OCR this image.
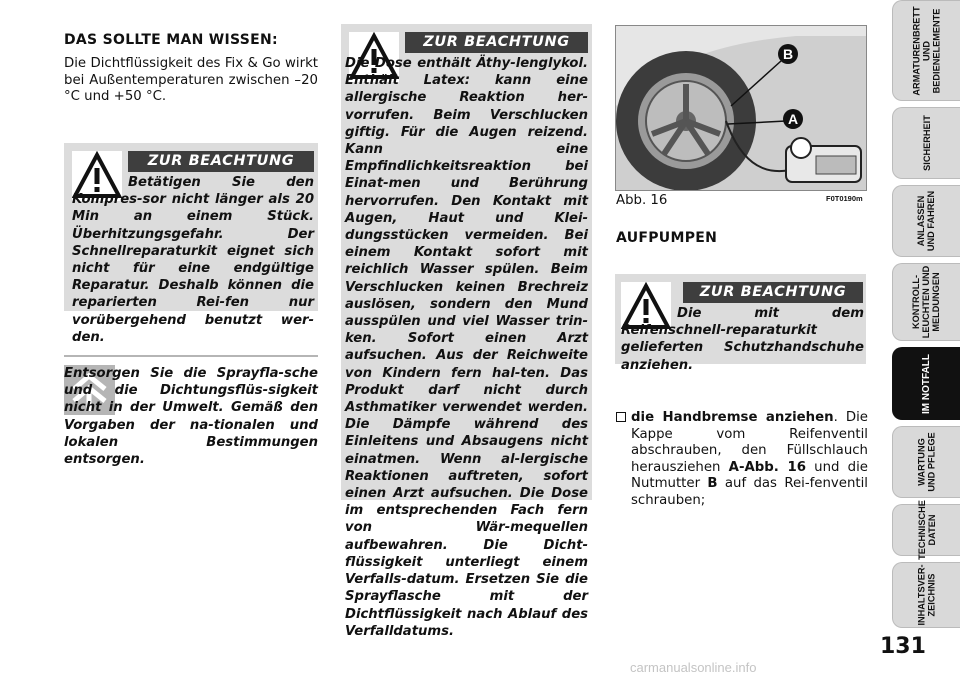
DAS SOLLTE MAN WISSEN:

Die Dichtflüssigkeit des Fix & Go wirkt bei Außentemperaturen zwischen –20 °C und +50 °C.

ZUR BEACHTUNG
Betätigen Sie den Kompres-sor nicht länger als 20 Min an einem Stück. Überhitzungsgefahr. Der Schnellreparaturkit eignet sich nicht für eine endgültige Reparatur. Deshalb können die reparierten Rei-fen nur vorübergehend benutzt wer-den.
Entsorgen Sie die Sprayfla-sche und die Dichtungsflüs-sigkeit nicht in der Umwelt. Gemäß den Vorgaben der na-tionalen und lokalen Bestimmungen entsorgen.
ZUR BEACHTUNG
Die Dose enthält Äthy-lenglykol. Enthält Latex: kann eine allergische Reaktion her-vorrufen. Beim Verschlucken giftig. Für die Augen reizend. Kann eine Empfindlichkeitsreaktion bei Einat-men und Berührung hervorrufen. Den Kontakt mit Augen, Haut und Klei-dungsstücken vermeiden. Bei einem Kontakt sofort mit reichlich Wasser spülen. Beim Verschlucken keinen Brechreiz auslösen, sondern den Mund ausspülen und viel Wasser trin-ken. Sofort einen Arzt aufsuchen. Aus der Reichweite von Kindern fern hal-ten. Das Produkt darf nicht durch Asthmatiker verwendet werden. Die Dämpfe während des Einleitens und Absaugens nicht einatmen. Wenn al-lergische Reaktionen auftreten, sofort einen Arzt aufsuchen. Die Dose im entsprechenden Fach fern von Wär-mequellen aufbewahren. Die Dicht-flüssigkeit unterliegt einem Verfalls-datum. Ersetzen Sie die Sprayflasche mit der Dichtflüssigkeit nach Ablauf des Verfalldatums.
B
A
Abb. 16	F0T0190m
AUFPUMPEN
ZUR BEACHTUNG
Die mit dem Reifenschnell-reparaturkit gelieferten Schutzhandschuhe anziehen.
die Handbremse anziehen. Die Kappe vom Reifenventil abschrauben, den Füllschlauch herausziehen A-Abb. 16 und die Nutmutter B auf das Rei-fenventil schrauben;
ARMATURENBRETT
UND
BEDIENELEMENTE
SICHERHEIT
ANLASSEN
UND FAHREN
KONTROLL-
LEUCHTEN UND
MELDUNGEN
IM NOTFALL
WARTUNG
UND PFLEGE
TECHNISCHE
DATEN
INHALTSVER-
ZEICHNIS
131
carmanualsonline.info
